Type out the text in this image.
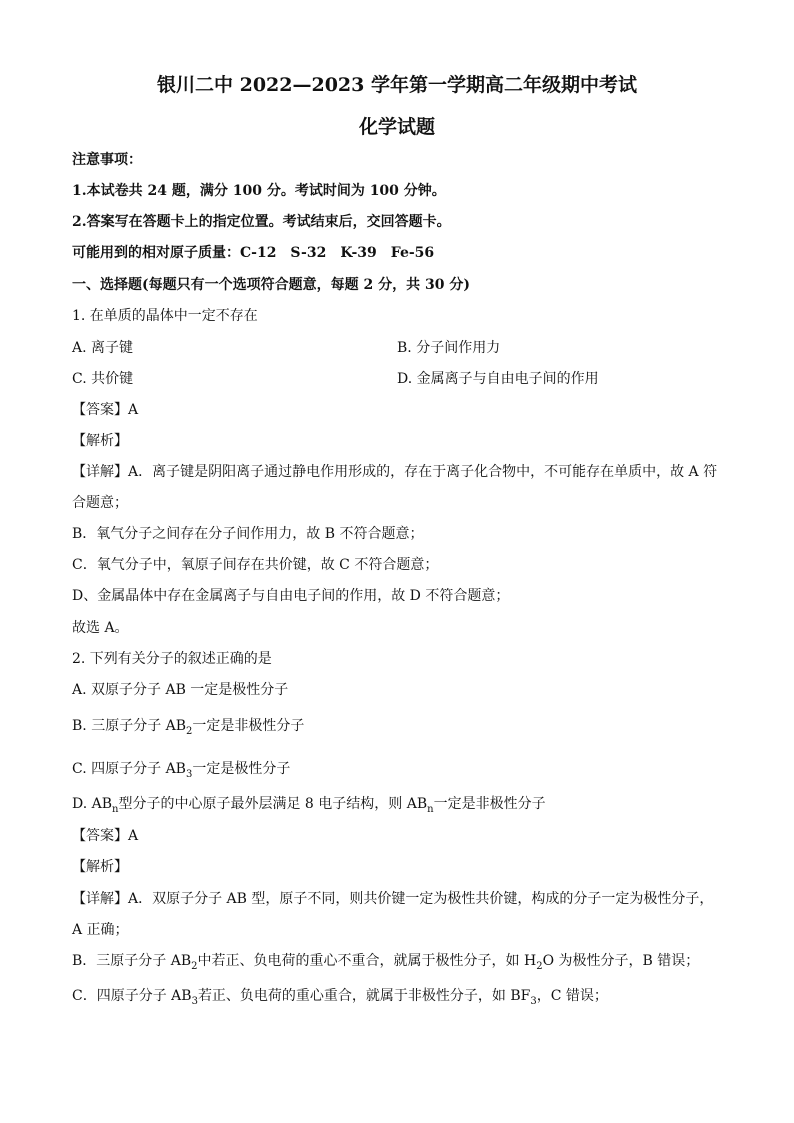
银川二中 2022—2023 学年第一学期高二年级期中考试
化学试题
注意事项：
1.本试卷共 24 题，满分 100 分。考试时间为 100 分钟。
2.答案写在答题卡上的指定位置。考试结束后，交回答题卡。
可能用到的相对原子质量：C-12　S-32　K-39　Fe-56
一、选择题(每题只有一个选项符合题意，每题 2 分，共 30 分)
1. 在单质的晶体中一定不存在
A. 离子键	B. 分子间作用力
C. 共价键	D. 金属离子与自由电子间的作用
【答案】A
【解析】
【详解】A．离子键是阴阳离子通过静电作用形成的，存在于离子化合物中，不可能存在单质中，故 A 符
合题意；
B．氧气分子之间存在分子间作用力，故 B 不符合题意；
C．氧气分子中，氧原子间存在共价键，故 C 不符合题意；
D、金属晶体中存在金属离子与自由电子间的作用，故 D 不符合题意；
故选 A。
2. 下列有关分子的叙述正确的是
A. 双原子分子 AB 一定是极性分子
B. 三原子分子 $AB_2$一定是非极性分子
C. 四原子分子 $AB_3$一定是极性分子
D. $AB_n$型分子的中心原子最外层满足 8 电子结构，则 $AB_n$一定是非极性分子
【答案】A
【解析】
【详解】A．双原子分子 AB 型，原子不同，则共价键一定为极性共价键，构成的分子一定为极性分子，
A 正确；
B．三原子分子 $AB_2$中若正、负电荷的重心不重合，就属于极性分子，如 $H_2O$ 为极性分子，B 错误；
C．四原子分子 $AB_3$若正、负电荷的重心重合，就属于非极性分子，如 $BF_3$，C 错误；
